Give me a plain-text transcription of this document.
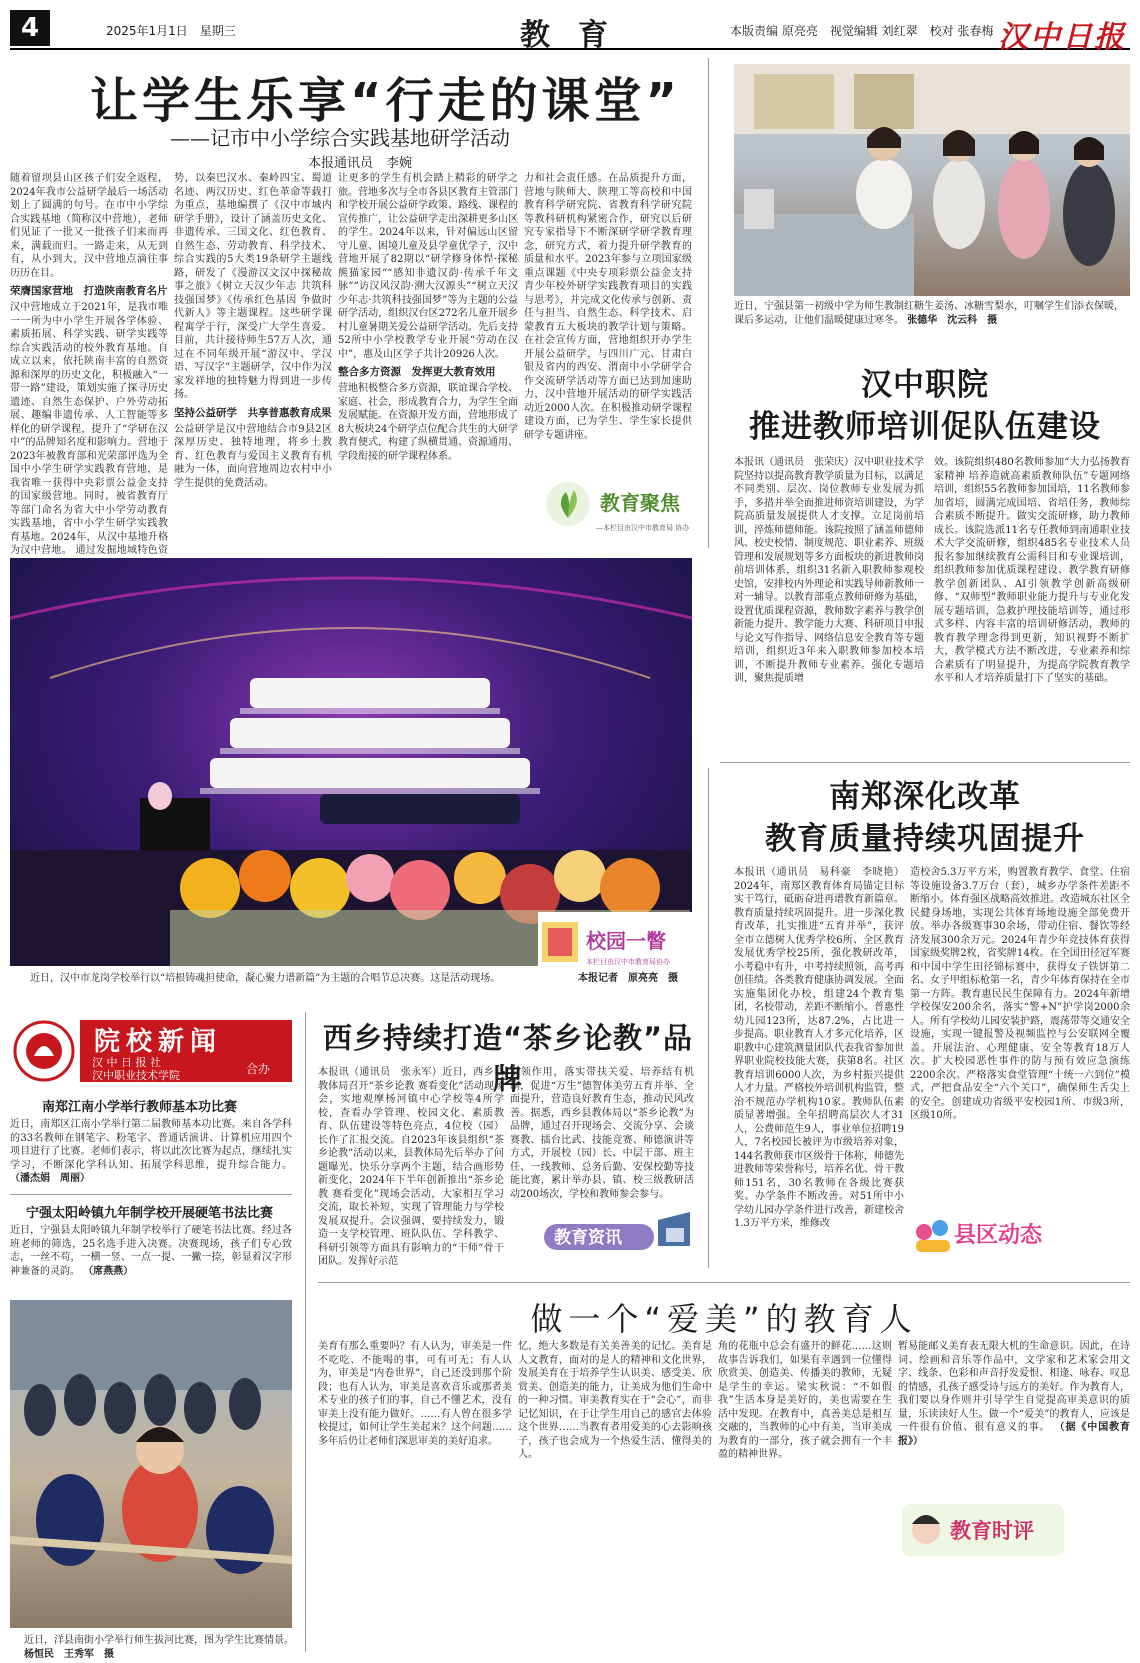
4	2025年1月1日　星期三	教育	本版责编 原亮亮　视觉编辑 刘红翠　校对 张春梅 汉中日报
让学生乐享“行走的课堂”
——记市中小学综合实践基地研学活动
本报通讯员　李婉
随着留坝县山区孩子们安全返程，2024年我市公益研学最后一场活动划上了圆满的句号。在市中小学综合实践基地（简称汉中营地），老师们见证了一批又一批孩子们来而再来，满载而归。一路走来，从无到有，从小到大，汉中营地点滴往事历历在目。
荣膺国家营地　打造陕南教育名片
汉中营地成立于2021年，是我市唯一一所为中小学生开展各学体验、素质拓展、科学实践、研学实践等综合实践活动的校外教育基地。自成立以来，依托陕南丰富的自然资源和深厚的历史文化，积极融入“一带一路”建设，策划实施了探寻历史遗迹、自然生态保护、户外劳动拓展、趣编非遗传承、人工智能等多样化的研学课程，提升了“学研在汉中”的品牌知名度和影响力。营地于2023年被教育部和光荣部评选为全国中小学生研学实践教育营地，是我省唯一获得中央彩票公益金支持的国家级营地。同时，被省教育厅等部门命名为省大中小学劳动教育实践基地，省中小学生研学实践教育基地。2024年，从汉中基地升格为汉中营地。 通过发掘地域特色资
势，以秦巴汉水、秦岭四宝、蜀道名迹、两汉历史、红色革命等载打为重点，基地编撰了《汉中市域内研学手册》，设计了涵盖历史文化、非遗传承、三国文化、红色教育、自然生态、劳动教育、科学技术、综合实践的5大类19条研学主题线路，研发了《漫游汉文汉中探秘故事之旅》《树立天汉少年志 共筑科技强国梦》《传承红色基因 争做时代新人》等主题课程。这些研学课程寓学于行，深受广大学生喜爱。目前，共计接待师生57万人次，通过在不同年级开展“游汉中、学汉语、写汉字”主题研学，汉中作为汉家发祥地的独特魅力得到进一步传扬。
坚持公益研学　共享普惠教育成果
公益研学是汉中营地结合市9县2区深厚历史、独特地理，将乡土教育、红色教育与爱国主义教育有机融为一体，面向营地周边农村中小学生提供的免费活动。
让更多的学生有机会踏上精彩的研学之旅。营地多次与全市各县区教育主管部门和学校开展公益研学政策、路线、课程的宣传推广，让公益研学走出深耕更多山区的学生。2024年以来，针对偏远山区留守儿童、困境儿童及县学童优学子，汉中营地开展了82期以“研学修身体悍·探秘熊猫家园”“感知非遗汉韵·传承千年文脉”“访汉风汉韵·溯大汉源头”“树立天汉少年志·共筑科技强国梦”等为主题的公益研学活动，组织汉台区272名儿童开展乡村儿童暑期关爱公益研学活动。先后支持52所中小学校教学专业开展“劳动在汉中”，惠及山区学子共计20926人次。
整合多方资源　发挥更大教育效用
营地积极整合多方资源，联谊课合学校、家庭、社会，形成教育合力，为学生全面发展赋能。在资源开发方面，营地形成了8大板块24个研学点位配合共生的大研学教育便式，构建了纵横贯通、资源通用、学段衔接的研学课程体系。
力和社会责任感。在品质提升方面，营地与陕师大、陕理工等高校和中国教育科学研究院、省教育科学研究院等教科研机构紧密合作，研究以后研究专家指导下不断深研学研学教育理念，研究方式，着力提升研学教育的质量和水平。2023年参与立项国家级重点课题《中央专项彩票公益金支持青少年校外研学实践教育项目的实践与思考》，并完成文化传承与创新、责任与担当、自然生态、科学技术、启蒙教育五大板块的教学计划与策略。在社会宣传方面，营地组织开办学生开展公益研学，与四川广元、甘肃白银及省内的西安、渭南中小学研学合作交流研学活动等方面已达到加速助力，汉中营地开展活动的研学实践活动近2000人次。在积极推动研学课程建设方面，已为学生、学生家长提供研学专题讲座。
教育聚焦
—本栏目由汉中市教育局 协办
近日，宁强县第一初级中学为师生教制红糖生姜汤、冰糖雪梨水，叮嘱学生们添衣保暖，课后多运动，让他们温暖健康过寒冬。 张德华　沈云科　摄
汉中职院
推进教师培训促队伍建设
本报讯（通讯员　张荣庆）汉中职业技术学院坚持以提高教育教学质量为目标，以满足不同类别、层次、岗位教师专业发展为抓手，多措并举全面推进师资培训建设，为学院高质量发展提供人才支撑。立足岗前培训，淬炼师德师能。该院按照了涵盖师德师风、校史校情、制度规范、职业素养、班级管理和发展规划等多方面板块的新进教师岗前培训体系，组织31名新入职教师参观校史馆，安排校内外理论和实践导师新教师一对一辅导。以教育部重点教师研修为基础，设置优质课程资源，教师数字素养与教学创新能力提升、教学能力大赛、科研项目申报与论文写作指导、网络信息安全教育等专题培训，组织近3年来入职教师参加校本培训，不断提升教师专业素养。强化专题培训，聚焦提质增
效。该院组织480名教师参加“大力弘扬教育家精神 培养造就高素质教师队伍”专题网络培训，组织55名教师参加国培，11名教师参加省培，圆满完成国培、省培任务，教师综合素质不断提升。做实交流研修，助力教师成长。该院选派11名专任教师到南通职业技术大学交流研修，组织485名专业技术人员报名参加继续教育公需科目和专业课培训，组织教师参加优质课程建设、教学教育研修教学创新团队、AI引领教学创新高级研修、“双师型”教师职业能力提升与专业化发展专题培训，急救护理技能培训等，通过形式多样、内容丰富的培训研修活动，教师的教育教学理念得到更新，知识视野不断扩大，教学模式方法不断改进，专业素养和综合素质有了明显提升，为提高学院教育教学水平和人才培养质量打下了坚实的基础。
校园一瞥
本栏目由汉中市教育局协办
近日，汉中市龙岗学校举行以“培根铸魂担使命，凝心聚力谱新篇”为主题的合唱节总决赛。这是活动现场。	本报记者　原亮亮　摄
南郑深化改革
教育质量持续巩固提升
本报讯（通讯员　易科豪　李晓艳）2024年，南郑区教育体育局锚定目标实干笃行，砥砺奋进再谱教育新篇章。教育质量持续巩固提升。进一步深化教育改革，扎实推进“五育并举”，获评全市立德树人优秀学校6所、全区教育发展优秀学校25所，强化教研改革，小考稳中有升，中考持续照领，高考再创佳绩。各类教育健康协调发展。全面实施集团化办校，组建24个教育集团，名校带动，差距不断缩小。普惠性幼儿园123所，达87.2%，占比进一步提高。职业教育人才多元化培养，区职教中心建筑测量团队代表我省参加世界职业院校技能大赛，获第8名。社区教育培训6000人次，为乡村振兴提供人才力量。严格校外培训机构监管，整治不规范办学机构10家。教师队伍素质显著增强。全年招聘高层次人才31人，公费师范生9人，事业单位招聘19人，7名校园长被评为市级培养对象，144名教师获市区级骨干体称，师德先进教师等荣誉称号，培养名优、骨干教师151名，30名教师在各级比赛获奖。办学条件不断改善。对51所中小学幼儿园办学条件进行改善，新建校舍1.3万平方米，维修改
造校舍5.3万平方米，购置教育教学、食堂、住宿等设施设备3.7万台（套），城乡办学条件差距不断缩小。体育强区战略高效推进。改造城东社区全民健身场地，实现公共体育场地设施全部免费开放。举办各级赛事30余场，带动住宿、餐饮等经济发展300余万元。2024年青少年竞技体育获得国家级奖牌2枚，省奖牌14枚。在全国田径冠军赛和中国中学生田径锦标赛中，获得女子铁饼第二名、女子甲组标枪第一名，青少年体育保持在全市第一方阵。教育惠民民生保障有力。2024年新增学校保安200余名，落实“警+N”护学岗2000余人。所有学校幼儿园安装护路，震荡带等交通安全设施，实现一键报警及视频监控与公安联网全覆盖。开展法治、心理健康、安全等教育18万人次。扩大校园恶性事件的防与预有效应急演练2200余次。严格落实食堂管理“十统一六到位”模式，严把食品安全“六个关口”，确保师生舌尖上的安全。创建成功省级平安校园1所、市级3所，区级10所。
县区动态
院校新闻
汉 中 日 报 社
汉中职业技术学院	合办
南郑江南小学举行教师基本功比赛
近日，南郑区江南小学举行第二届教师基本功比赛。来自各学科的33名教师在钢笔字、粉笔字、普通话演讲、计算机应用四个项目进行了比赛。老师们表示，将以此次比赛为起点，继续扎实学习，不断深化学科认知、拓展学科思维，提升综合能力。 （潘杰娟　周丽）
宁强太阳岭镇九年制学校开展硬笔书法比赛
近日，宁强县太阳岭镇九年制学校举行了硬笔书法比赛。经过各班老师的筛选，25名选手进入决赛。决赛现场，孩子们专心致志，一丝不苟，一横一竖、一点一提、一撇一捺，彰显着汉字形神兼备的灵韵。 （席燕燕）
西乡持续打造“茶乡论教”品牌
本报讯（通讯员　张永军）近日，西乡县教体局召开“茶乡论教 赛看变化”活动现场会，实地观摩杨河镇中心学校等4所学校，查看办学管理、校园文化、素质教育、队伍建设等特色亮点，4位校（园）长作了汇报交流。自2023年该县组织“茶乡论教”活动以来，县教体局先后举办了问题曝光、快乐分享两个主题，结合画形势新变化，2024年下半年创新推出“茶乡论教 赛看变化”现场会活动，大家相互学习交流，取长补短，实现了管理能力与学校发展双提升。会议强调，要持续发力，锻造一支学校管理、班队队伍、学科教学、科研引领等方面具有影响力的“干师”骨干团队。发挥好示范
引领作用，落实带扶关爱、培养结有机制，促进“万生”德智体美劳五育并举、全面提升，营造良好教育生态，推动民风改善。据悉，西乡县教体局以“茶乡论教”为品牌，通过召开现场会、交流分享、会谈赛教、擂台比武、技能竞赛、师德演讲等方式，开展校（园）长、中层干部、班主任、一线教师、总务后勤、安保校勤等技能比赛，累计举办县、镇、校三级教研活动200场次，学校和教师参会参与。
教育资讯
近日，洋县南街小学举行师生拔河比赛，图为学生比赛情景。 杨恒民　王秀军　摄
做一个“爱美”的教育人
美育有那么重要吗？有人认为，审美是一件不吃吃、不能喝的事，可有可无；有人认为，审美是“内卷世界”，自己还没到那个阶段；也有人认为，审美是喜欢音乐或那者美术专业的孩子们的事，自己不懂艺术，没有审美上没有能力做好。……有人曾在很多学校提过，如何让学生美起来？这个问题……多年后仍让老师们深思审美的美好追求。
忆，绝大多数是有关美善美的记忆。美育是人文教育，面对的是人的精神和文化世界，发展美育在于培养学生认识美、感受美、欣赏美、创造美的能力，让美成为他们生命中的一种习惯。审美教育实在于“会心”，而非记忆知识，在于让学生用自己的感官去体验这个世界……当教育者用爱美的心去影响孩子，孩子也会成为一个热爱生活、懂得美的人。
角的花瓶中总会有盛开的鲜花……这则故事告诉我们，如果有幸遇到一位懂得欣赏美、创造美、传播美的教师，无疑是学生的幸运。梁实秋说：“不如假我”生活本身是美好的，美也需要在生活中发现。在教育中，真善美总是相互交融的，当教师的心中有美，当审美成为教育的一部分，孩子就会拥有一个丰盈的精神世界。
暂易能邮义美育表无限大机的生命意识。因此，在诗词、绘画和音乐等作品中，文学家和艺术家会用文字、线条、色彩和声音抒发爱恨、相逢、咏春、叹息的情感，孔孩子感受诗与远方的美好。作为教育人，我们要以身作则并引导学生自觉提高审美意识的质量，乐读读好人生。做一个“爱美”的教育人，应该是一件很有价值、很有意义的事。 （据《中国教育报》）
教育时评
